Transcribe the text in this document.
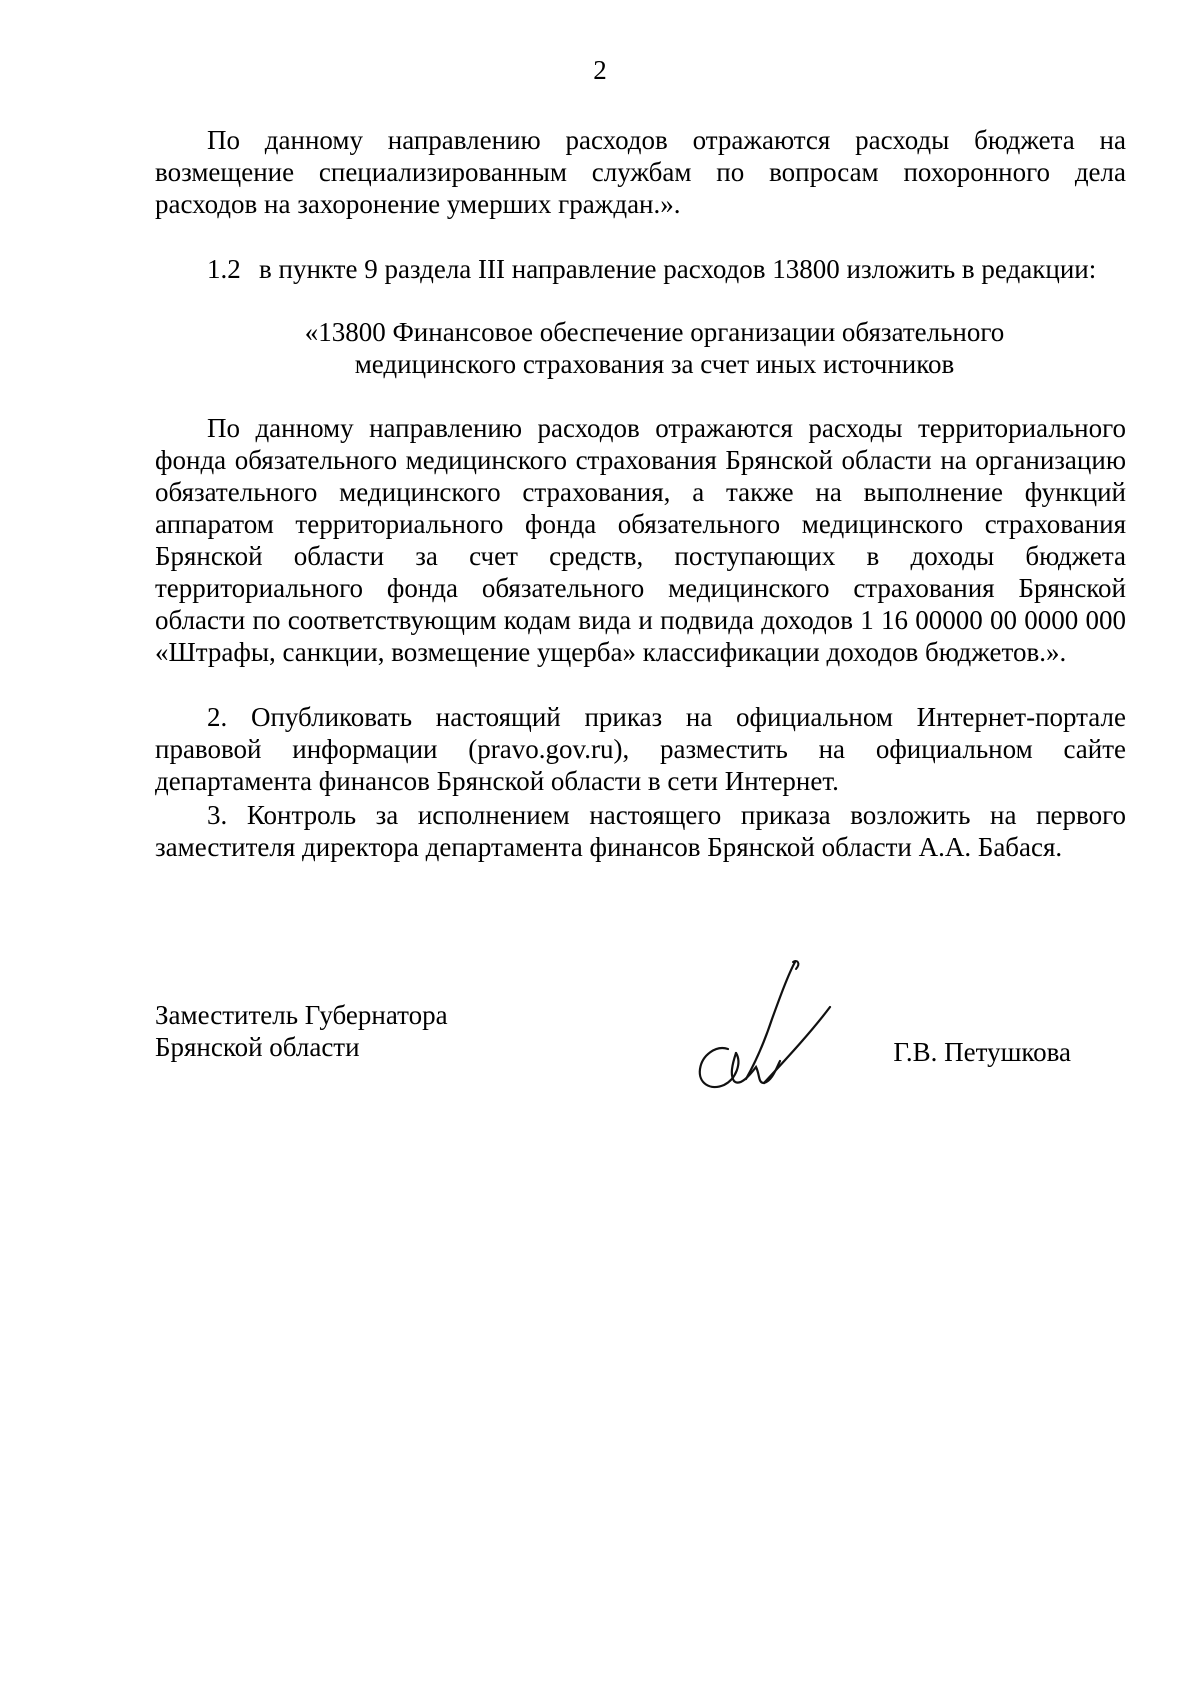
2

По данному направлению расходов отражаются расходы бюджета на возмещение специализированным службам по вопросам похоронного дела расходов на захоронение умерших граждан.».

1.2 в пункте 9 раздела III направление расходов 13800 изложить в редакции:

«13800 Финансовое обеспечение организации обязательного
медицинского страхования за счет иных источников

По данному направлению расходов отражаются расходы территориального фонда обязательного медицинского страхования Брянской области на организацию обязательного медицинского страхования, а также на выполнение функций аппаратом территориального фонда обязательного медицинского страхования Брянской области за счет средств, поступающих в доходы бюджета территориального фонда обязательного медицинского страхования Брянской области по соответствующим кодам вида и подвида доходов 1 16 00000 00 0000 000 «Штрафы, санкции, возмещение ущерба» классификации доходов бюджетов.».

2. Опубликовать настоящий приказ на официальном Интернет-портале правовой информации (pravo.gov.ru), разместить на официальном сайте департамента финансов Брянской области в сети Интернет.

3. Контроль за исполнением настоящего приказа возложить на первого заместителя директора департамента финансов Брянской области А.А. Бабася.

Заместитель Губернатора
Брянской области	Г.В. Петушкова
